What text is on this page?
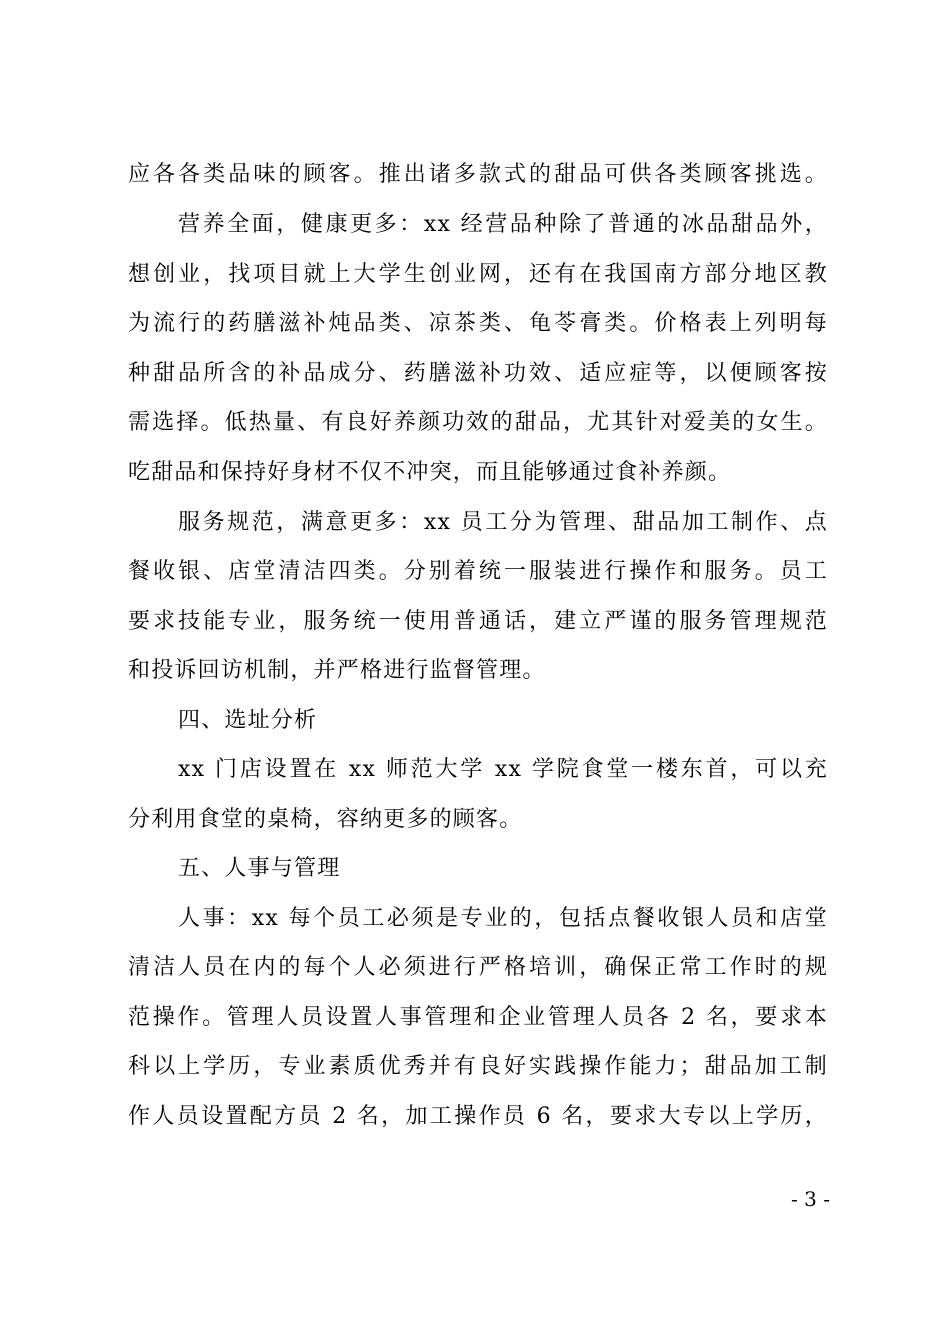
应各各类品味的顾客。推出诸多款式的甜品可供各类顾客挑选。
营养全面，健康更多：xx 经营品种除了普通的冰品甜品外，
想创业，找项目就上大学生创业网，还有在我国南方部分地区教
为流行的药膳滋补炖品类、凉茶类、龟苓膏类。价格表上列明每
种甜品所含的补品成分、药膳滋补功效、适应症等，以便顾客按
需选择。低热量、有良好养颜功效的甜品，尤其针对爱美的女生。
吃甜品和保持好身材不仅不冲突，而且能够通过食补养颜。
服务规范，满意更多：xx 员工分为管理、甜品加工制作、点
餐收银、店堂清洁四类。分别着统一服装进行操作和服务。员工
要求技能专业，服务统一使用普通话，建立严谨的服务管理规范
和投诉回访机制，并严格进行监督管理。
四、选址分析
xx 门店设置在 xx 师范大学 xx 学院食堂一楼东首，可以充
分利用食堂的桌椅，容纳更多的顾客。
五、人事与管理
人事：xx 每个员工必须是专业的，包括点餐收银人员和店堂
清洁人员在内的每个人必须进行严格培训，确保正常工作时的规
范操作。管理人员设置人事管理和企业管理人员各 2 名，要求本
科以上学历，专业素质优秀并有良好实践操作能力；甜品加工制
作人员设置配方员 2 名，加工操作员 6 名，要求大专以上学历，
- 3 -
